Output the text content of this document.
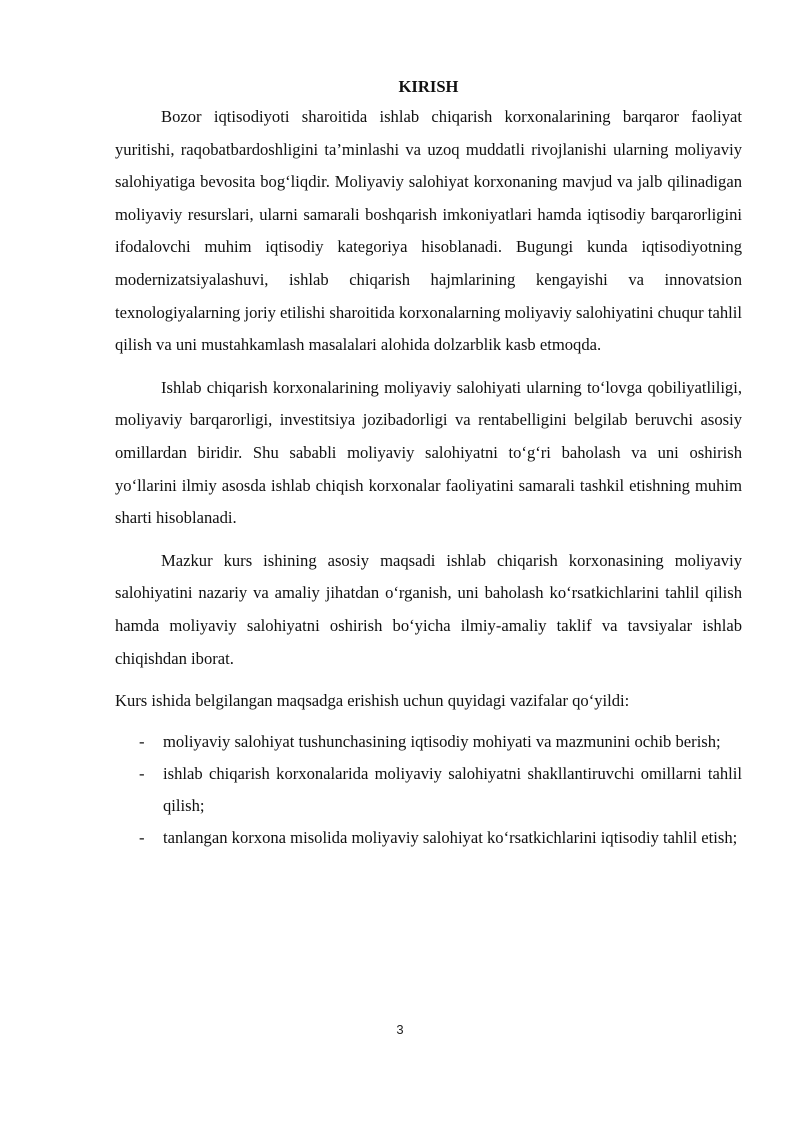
KIRISH

Bozor iqtisodiyoti sharoitida ishlab chiqarish korxonalarining barqaror faoliyat yuritishi, raqobatbardoshligini ta’minlashi va uzoq muddatli rivojlanishi ularning moliyaviy salohiyatiga bevosita bog‘liqdir. Moliyaviy salohiyat korxonaning mavjud va jalb qilinadigan moliyaviy resurslari, ularni samarali boshqarish imkoniyatlari hamda iqtisodiy barqarorligini ifodalovchi muhim iqtisodiy kategoriya hisoblanadi. Bugungi kunda iqtisodiyotning modernizatsiyalashuvi, ishlab chiqarish hajmlarining kengayishi va innovatsion texnologiyalarning joriy etilishi sharoitida korxonalarning moliyaviy salohiyatini chuqur tahlil qilish va uni mustahkamlash masalalari alohida dolzarblik kasb etmoqda.

Ishlab chiqarish korxonalarining moliyaviy salohiyati ularning to‘lovga qobiliyatliligi, moliyaviy barqarorligi, investitsiya jozibadorligi va rentabelligini belgilab beruvchi asosiy omillardan biridir. Shu sababli moliyaviy salohiyatni to‘g‘ri baholash va uni oshirish yo‘llarini ilmiy asosda ishlab chiqish korxonalar faoliyatini samarali tashkil etishning muhim sharti hisoblanadi.

Mazkur kurs ishining asosiy maqsadi ishlab chiqarish korxonasining moliyaviy salohiyatini nazariy va amaliy jihatdan o‘rganish, uni baholash ko‘rsatkichlarini tahlil qilish hamda moliyaviy salohiyatni oshirish bo‘yicha ilmiy-amaliy taklif va tavsiyalar ishlab chiqishdan iborat.

Kurs ishida belgilangan maqsadga erishish uchun quyidagi vazifalar qo‘yildi:

- moliyaviy salohiyat tushunchasining iqtisodiy mohiyati va mazmunini ochib berish;
- ishlab chiqarish korxonalarida moliyaviy salohiyatni shakllantiruvchi omillarni tahlil qilish;
- tanlangan korxona misolida moliyaviy salohiyat ko‘rsatkichlarini iqtisodiy tahlil etish;
3
